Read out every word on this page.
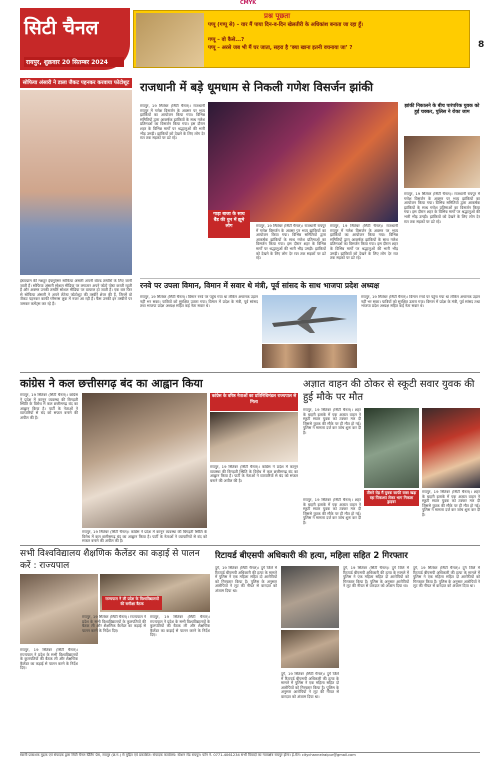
CMYK
सिटी चैनल
रायपुर, शुक्रवार 20 सितम्बर 2024
प्रश्न पूछता
पप्पू (गप्पू से) – यार मैं पाया दिन-व-दिन खेलतीरी के अधिकांश बनाता जा रहा हूँ।
गप्पू – वो कैसे...?
पप्पू – अरसे जब भी मैं घर जाता, सहरा है ‘क्या खाना इतनी वचनाया जा’ ?	8
सोफिया अंसारी ने डाला जैकट पहनकर करवाया फोटोशूट
इंस्टाग्राम की मशहूर इंफ्लुएंसर सोफिया अंसारी अपनी बोल्ड तस्वीरों के लिए जानी जाती हैं। सोफिया अंसारी सोशल मीडिया पर लगातार अपने फोटो पोस्ट करती रहती हैं और अक्सर उनकी तस्वीरें सोशल मीडिया पर वायरल हो जाती हैं। एक बार फिर से सोफिया अंसारी ने अपने लेटेस्ट फोटोशूट की तस्वीरें शेयर की हैं, जिनमें वो जैकट पहनकर काफी ग्लैमरस लुक में नजर आ रही हैं। फैंस उनकी इन तस्वीरों पर जमकर कमेंट्स कर रहे हैं।
राजधानी में बड़े धूमधाम से निकली गणेश विसर्जन झांकी
रायपुर, 19 सितंबर (सिटी चैनल)। राजधानी रायपुर में गणेश विसर्जन के अवसर पर भव्य झांकियों का आयोजन किया गया। विभिन्न समितियों द्वारा आकर्षक झांकियों के साथ गणेश प्रतिमाओं का विसर्जन किया गया। इस दौरान शहर के विभिन्न मार्गों पर श्रद्धालुओं की भारी भीड़ उमड़ी। झांकियों को देखने के लिए लोग देर रात तक सड़कों पर डटे रहे।
गाड़ा बाजा के साथ बैंड की धुन में झूमे लोग	रायपुर, 19 सितंबर (सिटी चैनल)। राजधानी रायपुर में गणेश विसर्जन के अवसर पर भव्य झांकियों का आयोजन किया गया। विभिन्न समितियों द्वारा आकर्षक झांकियों के साथ गणेश प्रतिमाओं का विसर्जन किया गया। इस दौरान शहर के विभिन्न मार्गों पर श्रद्धालुओं की भारी भीड़ उमड़ी। झांकियों को देखने के लिए लोग देर रात तक सड़कों पर डटे रहे।
रायपुर, 19 सितंबर (सिटी चैनल)। राजधानी रायपुर में गणेश विसर्जन के अवसर पर भव्य झांकियों का आयोजन किया गया। विभिन्न समितियों द्वारा आकर्षक झांकियों के साथ गणेश प्रतिमाओं का विसर्जन किया गया। इस दौरान शहर के विभिन्न मार्गों पर श्रद्धालुओं की भारी भीड़ उमड़ी। झांकियों को देखने के लिए लोग देर रात तक सड़कों पर डटे रहे।
झांकी निकालने के बीच पारंपरिक युवक को हुई चक्कर, पुलिस ने रोका जाम
रायपुर, 19 सितंबर (सिटी चैनल)। राजधानी रायपुर में गणेश विसर्जन के अवसर पर भव्य झांकियों का आयोजन किया गया। विभिन्न समितियों द्वारा आकर्षक झांकियों के साथ गणेश प्रतिमाओं का विसर्जन किया गया। इस दौरान शहर के विभिन्न मार्गों पर श्रद्धालुओं की भारी भीड़ उमड़ी। झांकियों को देखने के लिए लोग देर रात तक सड़कों पर डटे रहे।
रनवे पर उपला विमान, विमान में सवार थे मंत्री, पूर्व सांसद के साथ भाजपा प्रदेश अध्यक्ष
रायपुर, 19 सितंबर (सिटी चैनल)। विमान रनवे पर पहुंच गया था लेकिन अचानक उड़ान नहीं भर सका। यात्रियों को सुरक्षित उतारा गया। विमान में प्रदेश के मंत्री, पूर्व सांसद तथा भाजपा प्रदेश अध्यक्ष सहित कई नेता सवार थे।
रायपुर, 19 सितंबर (सिटी चैनल)। विमान रनवे पर पहुंच गया था लेकिन अचानक उड़ान नहीं भर सका। यात्रियों को सुरक्षित उतारा गया। विमान में प्रदेश के मंत्री, पूर्व सांसद तथा भाजपा प्रदेश अध्यक्ष सहित कई नेता सवार थे।
कांग्रेस ने कल छत्तीसगढ़ बंद का आह्वान किया
रायपुर, 19 सितंबर (सिटी चैनल)। कांग्रेस ने प्रदेश में कानून व्यवस्था की बिगड़ती स्थिति के विरोध में कल छत्तीसगढ़ बंद का आह्वान किया है। पार्टी के नेताओं ने व्यापारियों से बंद को सफल बनाने की अपील की है।
कांग्रेस के वरिष्ठ नेताओं का प्रतिनिधिमंडल राज्यपाल से मिला
रायपुर, 19 सितंबर (सिटी चैनल)। कांग्रेस ने प्रदेश में कानून व्यवस्था की बिगड़ती स्थिति के विरोध में कल छत्तीसगढ़ बंद का आह्वान किया है। पार्टी के नेताओं ने व्यापारियों से बंद को सफल बनाने की अपील की है।
रायपुर, 19 सितंबर (सिटी चैनल)। कांग्रेस ने प्रदेश में कानून व्यवस्था की बिगड़ती स्थिति के विरोध में कल छत्तीसगढ़ बंद का आह्वान किया है। पार्टी के नेताओं ने व्यापारियों से बंद को सफल बनाने की अपील की है।
अज्ञात वाहन की ठोकर से स्कूटी सवार युवक की हुई मौके पर मौत
रायपुर, 19 सितंबर (सिटी चैनल)। शहर के बाहरी इलाके में एक अज्ञात वाहन ने स्कूटी सवार युवक को टक्कर मार दी जिससे युवक की मौके पर ही मौत हो गई। पुलिस ने मामला दर्ज कर जांच शुरू कर दी है।
तीसरे रोड़ मैं युवक काफी वक्त खड़ा रहा पिकअप लेकर भाग निकला ड्राइवर
रायपुर, 19 सितंबर (सिटी चैनल)। शहर के बाहरी इलाके में एक अज्ञात वाहन ने स्कूटी सवार युवक को टक्कर मार दी जिससे युवक की मौके पर ही मौत हो गई। पुलिस ने मामला दर्ज कर जांच शुरू कर दी है।
रायपुर, 19 सितंबर (सिटी चैनल)। शहर के बाहरी इलाके में एक अज्ञात वाहन ने स्कूटी सवार युवक को टक्कर मार दी जिससे युवक की मौके पर ही मौत हो गई। पुलिस ने मामला दर्ज कर जांच शुरू कर दी है।
सभी विश्वविद्यालय शैक्षणिक कैलेंडर का कड़ाई से पालन करें : राज्यपाल
राज्यपाल ने ली प्रदेश के विश्वविद्यालयों की समीक्षा बैठक
रायपुर, 19 सितंबर (सिटी चैनल)। राज्यपाल ने प्रदेश के सभी विश्वविद्यालयों के कुलपतियों की बैठक ली और शैक्षणिक कैलेंडर का कड़ाई से पालन करने के निर्देश दिए।
रायपुर, 19 सितंबर (सिटी चैनल)। राज्यपाल ने प्रदेश के सभी विश्वविद्यालयों के कुलपतियों की बैठक ली और शैक्षणिक कैलेंडर का कड़ाई से पालन करने के निर्देश दिए।
रायपुर, 19 सितंबर (सिटी चैनल)। राज्यपाल ने प्रदेश के सभी विश्वविद्यालयों के कुलपतियों की बैठक ली और शैक्षणिक कैलेंडर का कड़ाई से पालन करने के निर्देश दिए।
रिटायर्ड बीएसपी अधिकारी की हत्या, महिला सहित 2 गिरफ्तार
दुर्ग, 19 सितंबर (सिटी चैनल)। दुर्ग जिले में रिटायर्ड बीएसपी अधिकारी की हत्या के मामले में पुलिस ने एक महिला सहित दो आरोपियों को गिरफ्तार किया है। पुलिस के अनुसार आरोपियों ने लूट की नीयत से वारदात को अंजाम दिया था।
दुर्ग, 19 सितंबर (सिटी चैनल)। दुर्ग जिले में रिटायर्ड बीएसपी अधिकारी की हत्या के मामले में पुलिस ने एक महिला सहित दो आरोपियों को गिरफ्तार किया है। पुलिस के अनुसार आरोपियों ने लूट की नीयत से वारदात को अंजाम दिया था।
दुर्ग, 19 सितंबर (सिटी चैनल)। दुर्ग जिले में रिटायर्ड बीएसपी अधिकारी की हत्या के मामले में पुलिस ने एक महिला सहित दो आरोपियों को गिरफ्तार किया है। पुलिस के अनुसार आरोपियों ने लूट की नीयत से वारदात को अंजाम दिया था।
दुर्ग, 19 सितंबर (सिटी चैनल)। दुर्ग जिले में रिटायर्ड बीएसपी अधिकारी की हत्या के मामले में पुलिस ने एक महिला सहित दो आरोपियों को गिरफ्तार किया है। पुलिस के अनुसार आरोपियों ने लूट की नीयत से वारदात को अंजाम दिया था।
स्वामी प्रकाशक मुद्रक एवं संपादक द्वारा सिटी चैनल प्रिंटिंग प्रेस, रायपुर (छ.ग.) से मुद्रित एवं प्रकाशित। संपादक कार्यालय: स्टेशन रोड रायपुर। फोन नं. 0771-4061234 सभी विवादों का न्यायक्षेत्र रायपुर होगा। ई-मेल: citychannelraipur@gmail.com
